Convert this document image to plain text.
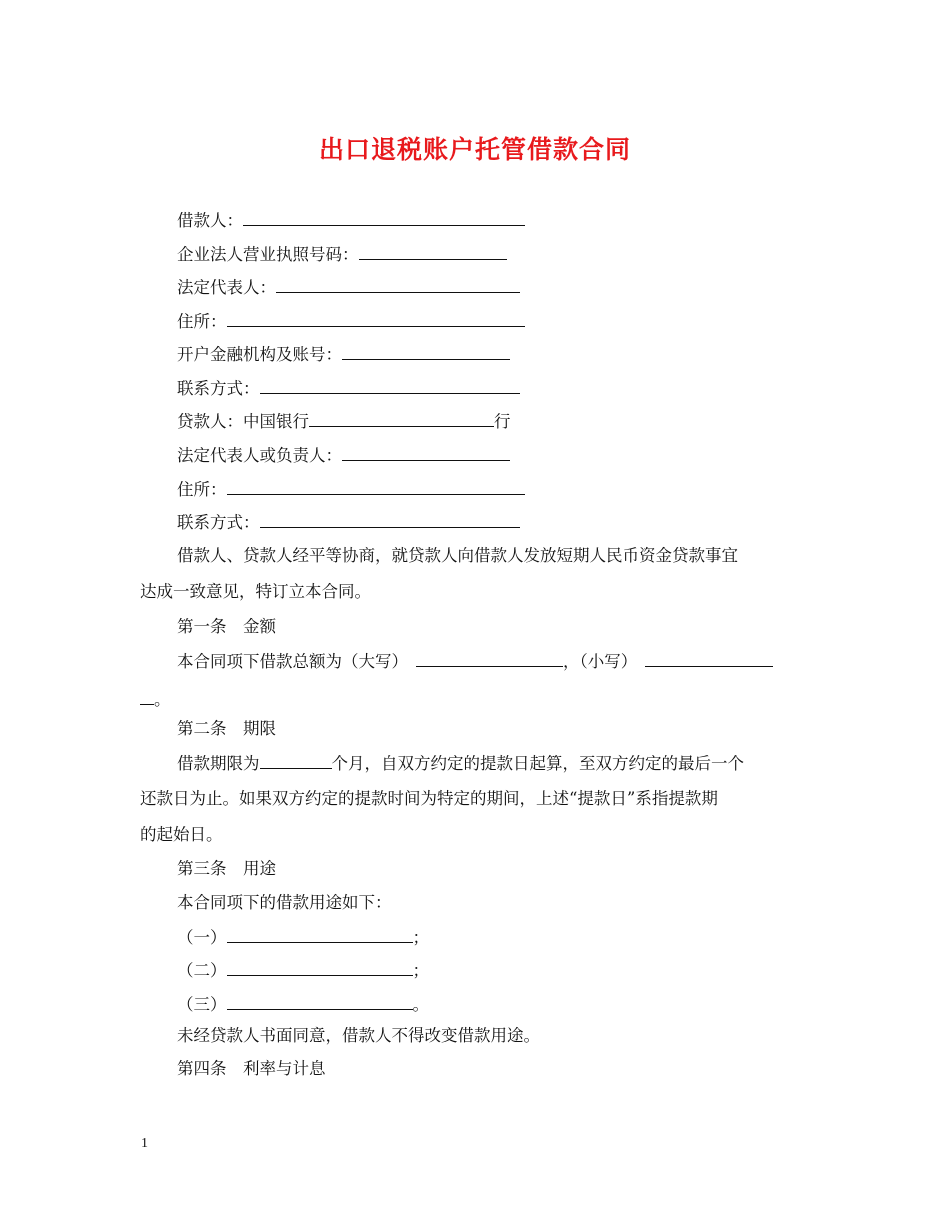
出口退税账户托管借款合同
借款人：
企业法人营业执照号码：
法定代表人：
住所：
开户金融机构及账号：
联系方式：
贷款人：中国银行	行
法定代表人或负责人：
住所：
联系方式：
借款人、贷款人经平等协商，就贷款人向借款人发放短期人民币资金贷款事宜
达成一致意见，特订立本合同。
第一条　金额
本合同项下借款总额为（大写）	，（小写）
。
第二条　期限
借款期限为	个月，自双方约定的提款日起算，至双方约定的最后一个
还款日为止。如果双方约定的提款时间为特定的期间，上述“提款日”系指提款期
的起始日。
第三条　用途
本合同项下的借款用途如下：
（一）	；
（二）	；
（三）	。
未经贷款人书面同意，借款人不得改变借款用途。
第四条　利率与计息
1
